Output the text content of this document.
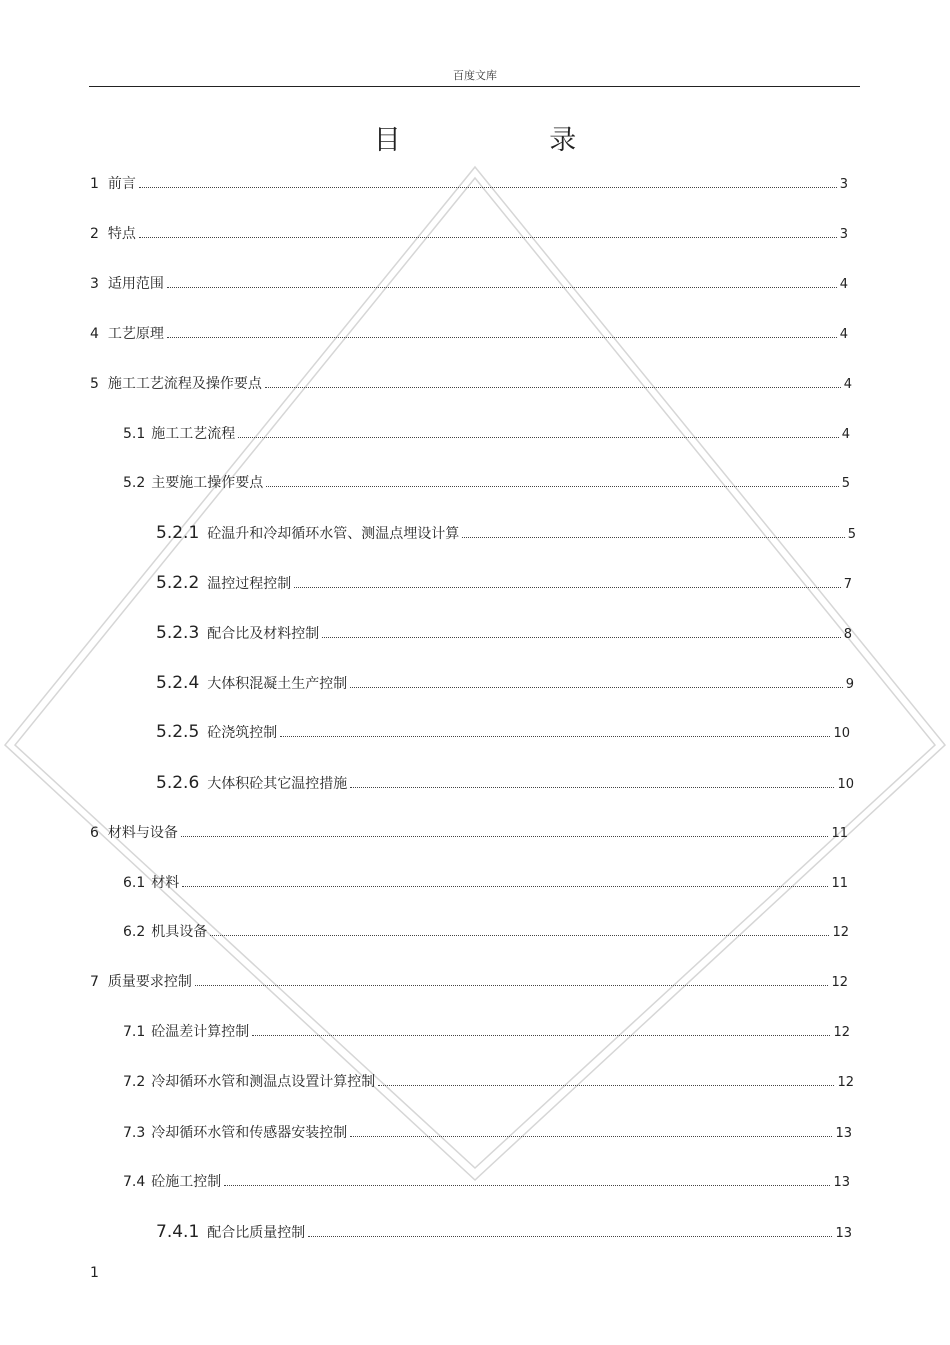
百度文库
目 录
1 前言	3
2 特点	3
3 适用范围	4
4 工艺原理	4
5 施工工艺流程及操作要点	4
5.1 施工工艺流程	4
5.2 主要施工操作要点	5
5.2.1 砼温升和冷却循环水管、测温点埋设计算	5
5.2.2 温控过程控制	7
5.2.3 配合比及材料控制	8
5.2.4 大体积混凝土生产控制	9
5.2.5 砼浇筑控制	10
5.2.6 大体积砼其它温控措施	10
6 材料与设备	11
6.1 材料	11
6.2 机具设备	12
7 质量要求控制	12
7.1 砼温差计算控制	12
7.2 冷却循环水管和测温点设置计算控制	12
7.3 冷却循环水管和传感器安装控制	13
7.4 砼施工控制	13
7.4.1 配合比质量控制	13
1
